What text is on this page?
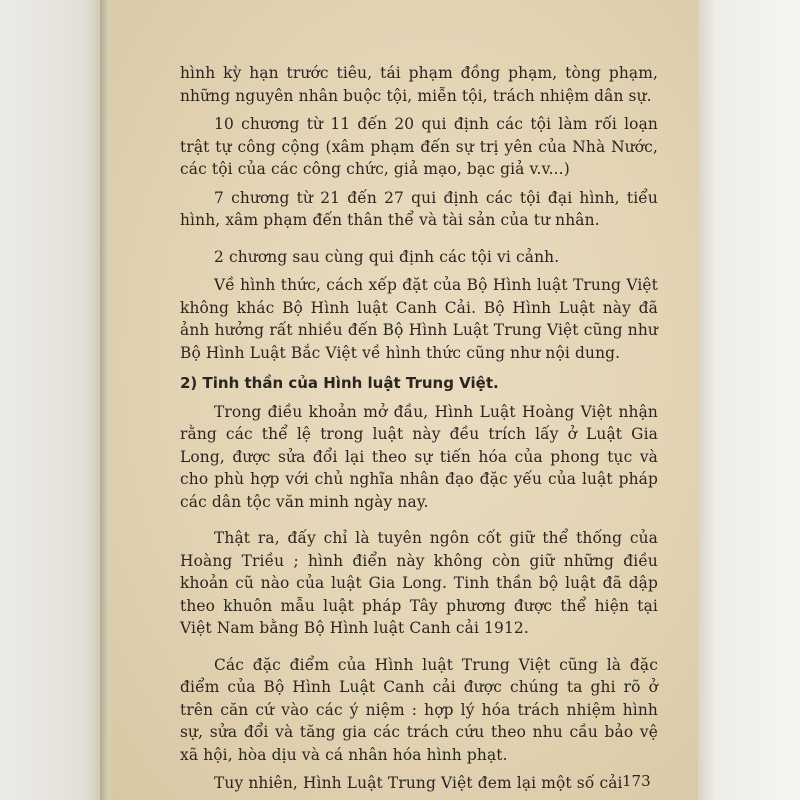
hình kỳ hạn trước tiêu, tái phạm đồng phạm, tòng phạm, những nguyên nhân buộc tội, miễn tội, trách nhiệm dân sự.

10 chương từ 11 đến 20 qui định các tội làm rối loạn trật tự công cộng (xâm phạm đến sự trị yên của Nhà Nước, các tội của các công chức, giả mạo, bạc giả v.v...)

7 chương từ 21 đến 27 qui định các tội đại hình, tiểu hình, xâm phạm đến thân thể và tài sản của tư nhân.

2 chương sau cùng qui định các tội vi cảnh.

Về hình thức, cách xếp đặt của Bộ Hình luật Trung Việt không khác Bộ Hình luật Canh Cải. Bộ Hình Luật này đã ảnh hưởng rất nhiều đến Bộ Hình Luật Trung Việt cũng như Bộ Hình Luật Bắc Việt về hình thức cũng như nội dung.

2) Tinh thần của Hình luật Trung Việt.

Trong điều khoản mở đầu, Hình Luật Hoàng Việt nhận rằng các thể lệ trong luật này đều trích lấy ở Luật Gia Long, được sửa đổi lại theo sự tiến hóa của phong tục và cho phù hợp với chủ nghĩa nhân đạo đặc yếu của luật pháp các dân tộc văn minh ngày nay.

Thật ra, đấy chỉ là tuyên ngôn cốt giữ thể thống của Hoàng Triều ; hình điển này không còn giữ những điều khoản cũ nào của luật Gia Long. Tinh thần bộ luật đã dập theo khuôn mẫu luật pháp Tây phương được thể hiện tại Việt Nam bằng Bộ Hình luật Canh cải 1912.

Các đặc điểm của Hình luật Trung Việt cũng là đặc điểm của Bộ Hình Luật Canh cải được chúng ta ghi rõ ở trên căn cứ vào các ý niệm : hợp lý hóa trách nhiệm hình sự, sửa đổi và tăng gia các trách cứu theo nhu cầu bảo vệ xã hội, hòa dịu và cá nhân hóa hình phạt.

Tuy nhiên, Hình Luật Trung Việt đem lại một số cải 173
